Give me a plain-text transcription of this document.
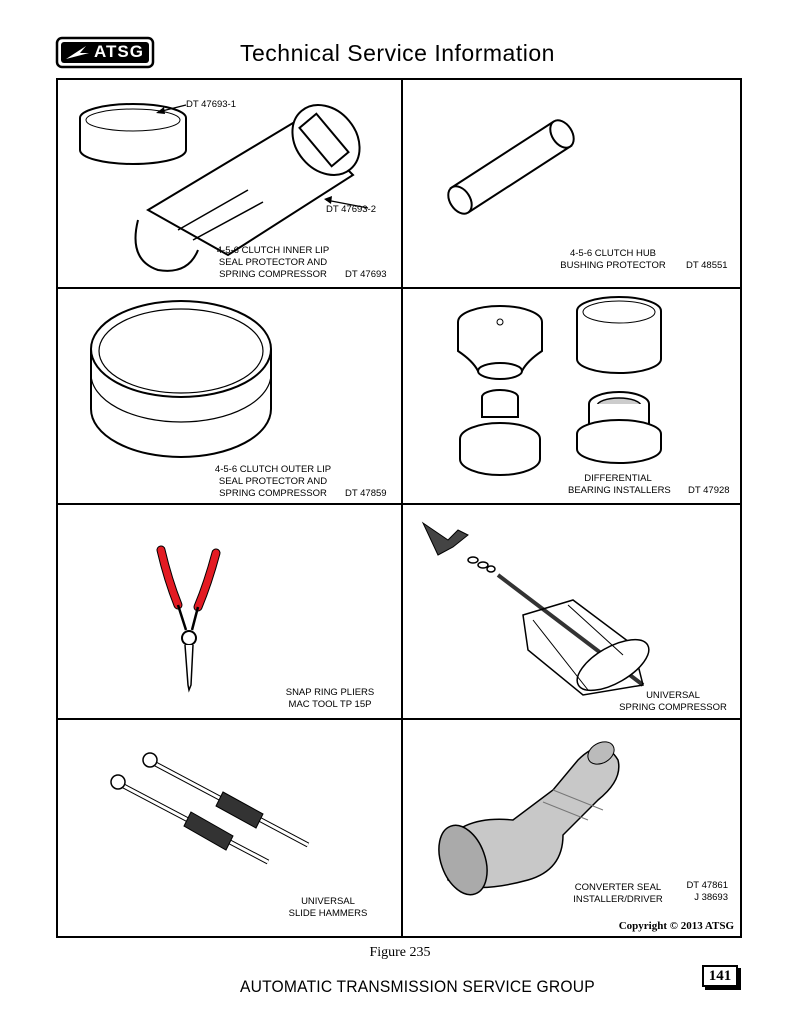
ATSG	Technical Service Information
DT 47693-1
DT 47693-2
4-5-6 CLUTCH INNER LIP
SEAL PROTECTOR AND
SPRING COMPRESSOR	DT 47693
4-5-6 CLUTCH HUB
BUSHING PROTECTOR DT 48551
4-5-6 CLUTCH OUTER LIP
SEAL PROTECTOR AND
SPRING COMPRESSOR	DT 47859
DIFFERENTIAL
BEARING INSTALLERS DT 47928
SNAP RING PLIERS
MAC TOOL TP 15P
UNIVERSAL
SPRING COMPRESSOR
UNIVERSAL
SLIDE HAMMERS
CONVERTER SEAL
INSTALLER/DRIVER
DT 47861
J 38693
Copyright © 2013 ATSG
Figure 235
AUTOMATIC TRANSMISSION SERVICE GROUP
141
